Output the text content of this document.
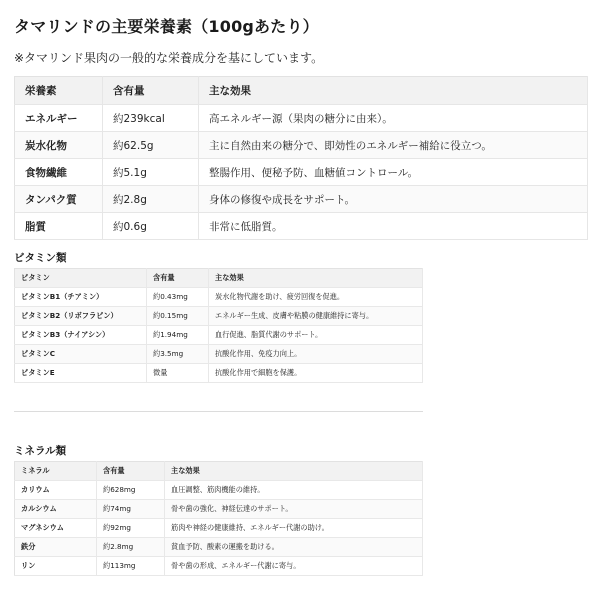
タマリンドの主要栄養素（100gあたり）
※タマリンド果肉の一般的な栄養成分を基にしています。
栄養素	含有量	主な効果
エネルギー	約239kcal	高エネルギー源（果肉の糖分に由来）。
炭水化物	約62.5g	主に自然由来の糖分で、即効性のエネルギー補給に役立つ。
食物繊維	約5.1g	整腸作用、便秘予防、血糖値コントロール。
タンパク質	約2.8g	身体の修復や成長をサポート。
脂質	約0.6g	非常に低脂質。
ビタミン類
ビタミン	含有量	主な効果
ビタミンB1（チアミン）	約0.43mg	炭水化物代謝を助け、疲労回復を促進。
ビタミンB2（リボフラビン）	約0.15mg	エネルギー生成、皮膚や粘膜の健康維持に寄与。
ビタミンB3（ナイアシン）	約1.94mg	血行促進、脂質代謝のサポート。
ビタミンC	約3.5mg	抗酸化作用、免疫力向上。
ビタミンE	微量	抗酸化作用で細胞を保護。
ミネラル類
ミネラル	含有量	主な効果
カリウム	約628mg	血圧調整、筋肉機能の維持。
カルシウム	約74mg	骨や歯の強化、神経伝達のサポート。
マグネシウム	約92mg	筋肉や神経の健康維持、エネルギー代謝の助け。
鉄分	約2.8mg	貧血予防、酸素の運搬を助ける。
リン	約113mg	骨や歯の形成、エネルギー代謝に寄与。
